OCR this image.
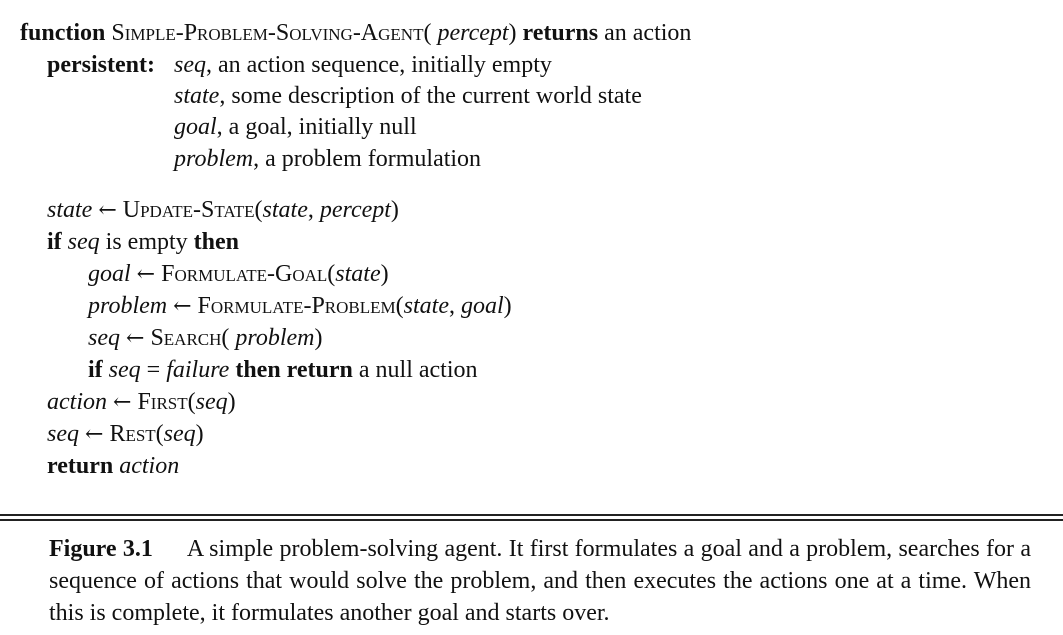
function Simple-Problem-Solving-Agent( percept) returns an action
persistent: seq, an action sequence, initially empty
state, some description of the current world state
goal, a goal, initially null
problem, a problem formulation
state ← Update-State(state, percept)
if seq is empty then
goal ← Formulate-Goal(state)
problem ← Formulate-Problem(state, goal)
seq ← Search( problem)
if seq = failure then return a null action
action ← First(seq)
seq ← Rest(seq)
return action
Figure 3.1 A simple problem-solving agent. It first formulates a goal and a problem, searches for a sequence of actions that would solve the problem, and then executes the actions one at a time. When this is complete, it formulates another goal and starts over.
